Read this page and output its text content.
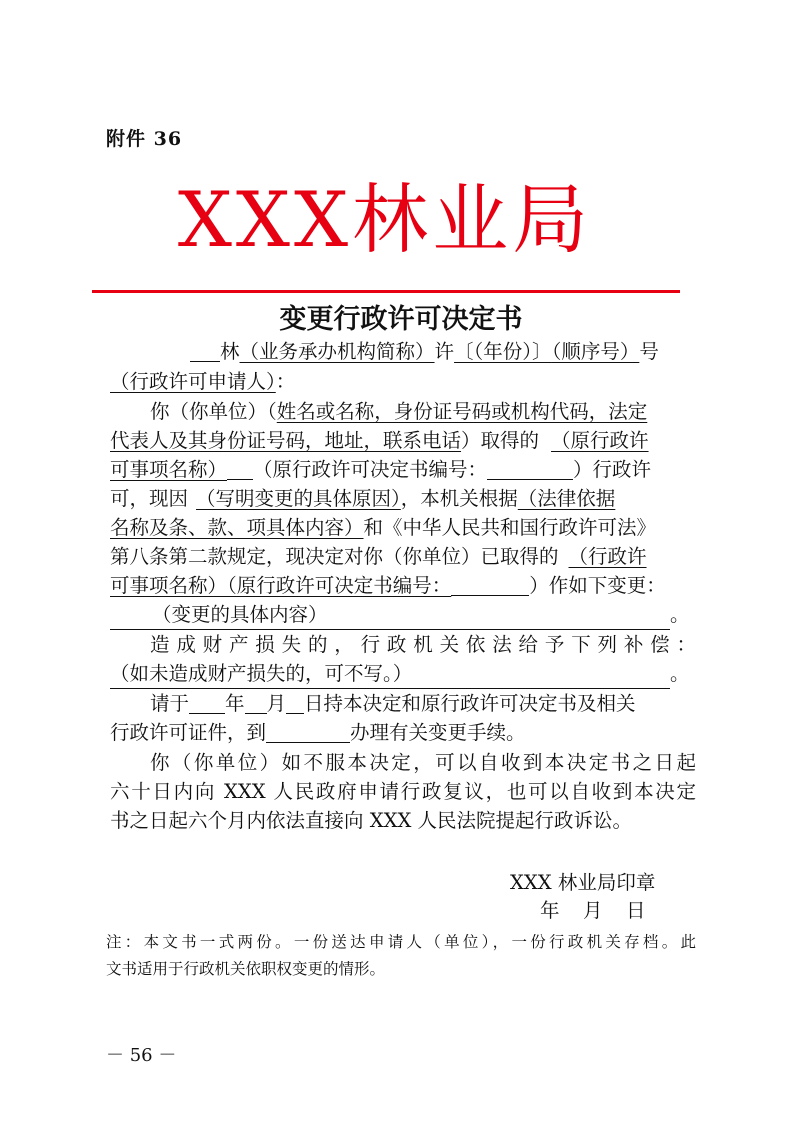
附件 36
XXX林业局
变更行政许可决定书
林（业务承办机构简称）许〔（年份）〕（顺序号）号
（行政许可申请人）：
你（你单位）（姓名或名称，身份证号码或机构代码，法定
代表人及其身份证号码，地址，联系电话）取得的 （原行政许
可事项名称） （原行政许可决定书编号：	）行政许
可，现因 （写明变更的具体原因），本机关根据（法律依据
名称及条、款、项具体内容）和《中华人民共和国行政许可法》
第八条第二款规定，现决定对你（你单位）已取得的 （行政许
可事项名称）（原行政许可决定书编号：	）作如下变更：
（变更的具体内容）	。
造成财产损失的，行政机关依法给予下列补偿：
（如未造成财产损失的，可不写。）	。
请于 年 月 日持本决定和原行政许可决定书及相关
行政许可证件，到	办理有关变更手续。
你（你单位）如不服本决定，可以自收到本决定书之日起
六十日内向 XXX 人民政府申请行政复议，也可以自收到本决定
书之日起六个月内依法直接向 XXX 人民法院提起行政诉讼。
XXX 林业局印章
年　月　日
注：本文书一式两份。一份送达申请人（单位），一份行政机关存档。此
文书适用于行政机关依职权变更的情形。
－ 56 －
